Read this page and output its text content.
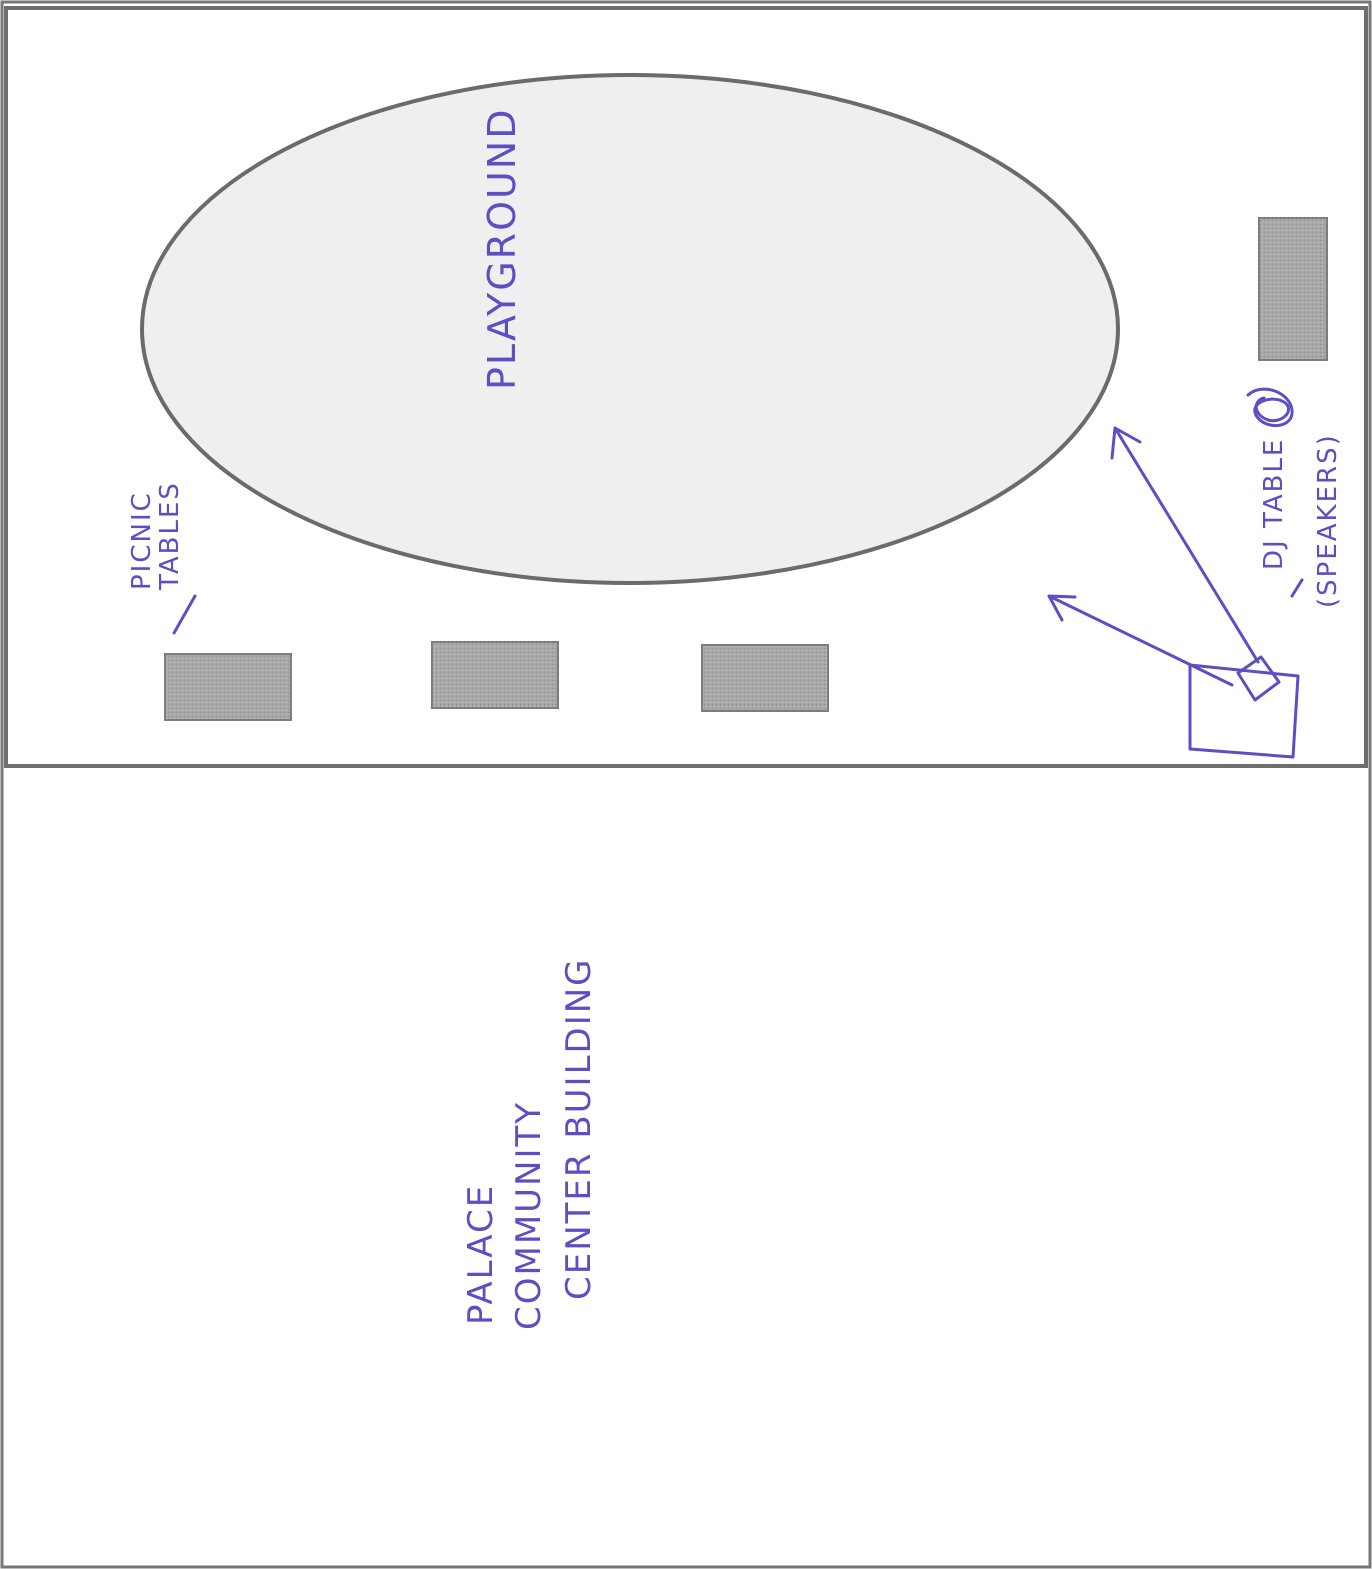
PLAYGROUND
PICNIC
TABLES	DJ TABLE (SPEAKERS)
PALACE COMMUNITY CENTER BUILDING
